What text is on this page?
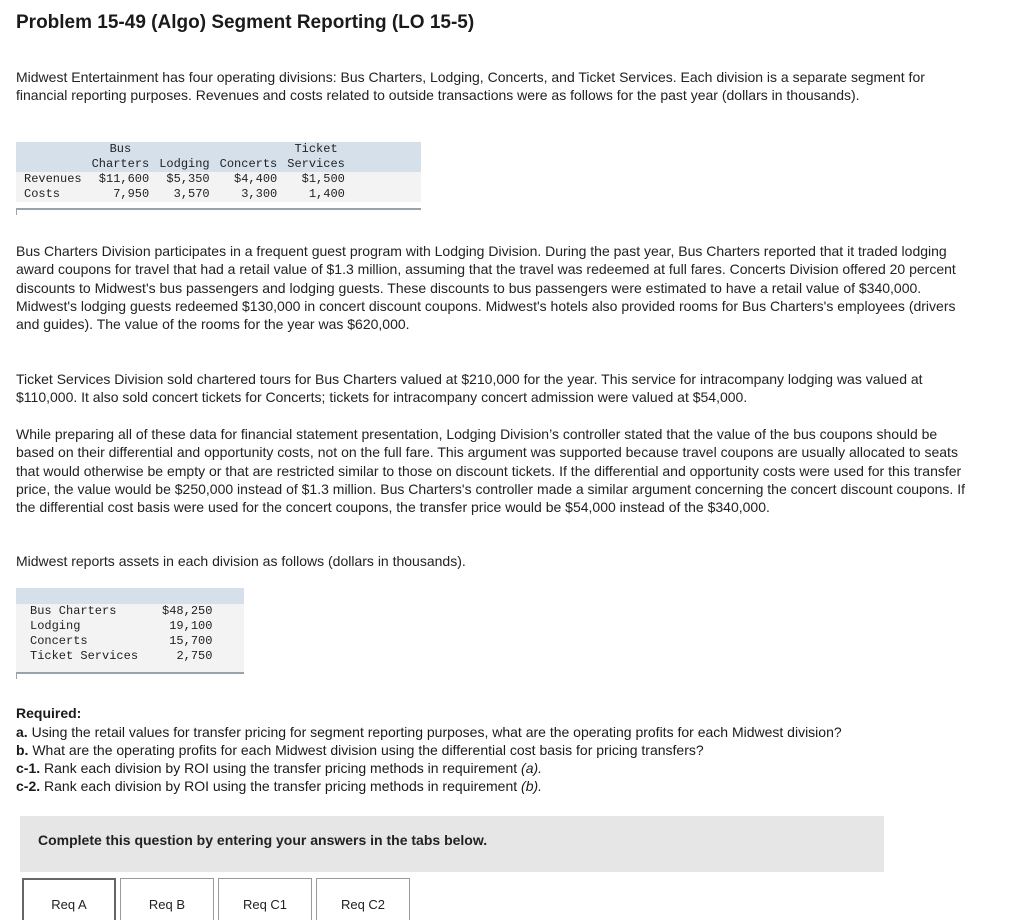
Problem 15-49 (Algo) Segment Reporting (LO 15-5)

Midwest Entertainment has four operating divisions: Bus Charters, Lodging, Concerts, and Ticket Services. Each division is a separate segment for financial reporting purposes. Revenues and costs related to outside transactions were as follows for the past year (dollars in thousands).

	Bus
Charters	Lodging	Concerts	Ticket
Services
Revenues	$11,600	$5,350	$4,400	$1,500
Costs	7,950	3,570	3,300	1,400

Bus Charters Division participates in a frequent guest program with Lodging Division. During the past year, Bus Charters reported that it traded lodging award coupons for travel that had a retail value of $1.3 million, assuming that the travel was redeemed at full fares. Concerts Division offered 20 percent discounts to Midwest's bus passengers and lodging guests. These discounts to bus passengers were estimated to have a retail value of $340,000. Midwest's lodging guests redeemed $130,000 in concert discount coupons. Midwest's hotels also provided rooms for Bus Charters's employees (drivers and guides). The value of the rooms for the year was $620,000.

Ticket Services Division sold chartered tours for Bus Charters valued at $210,000 for the year. This service for intracompany lodging was valued at $110,000. It also sold concert tickets for Concerts; tickets for intracompany concert admission were valued at $54,000.

While preparing all of these data for financial statement presentation, Lodging Division’s controller stated that the value of the bus coupons should be based on their differential and opportunity costs, not on the full fare. This argument was supported because travel coupons are usually allocated to seats that would otherwise be empty or that are restricted similar to those on discount tickets. If the differential and opportunity costs were used for this transfer price, the value would be $250,000 instead of $1.3 million. Bus Charters's controller made a similar argument concerning the concert discount coupons. If the differential cost basis were used for the concert coupons, the transfer price would be $54,000 instead of the $340,000.

Midwest reports assets in each division as follows (dollars in thousands).

Bus Charters	$48,250
Lodging	19,100
Concerts	15,700
Ticket Services	2,750

Required:

a. Using the retail values for transfer pricing for segment reporting purposes, what are the operating profits for each Midwest division?
b. What are the operating profits for each Midwest division using the differential cost basis for pricing transfers?
c-1. Rank each division by ROI using the transfer pricing methods in requirement (a).
c-2. Rank each division by ROI using the transfer pricing methods in requirement (b).
Complete this question by entering your answers in the tabs below.
Req A	Req B	Req C1	Req C2
